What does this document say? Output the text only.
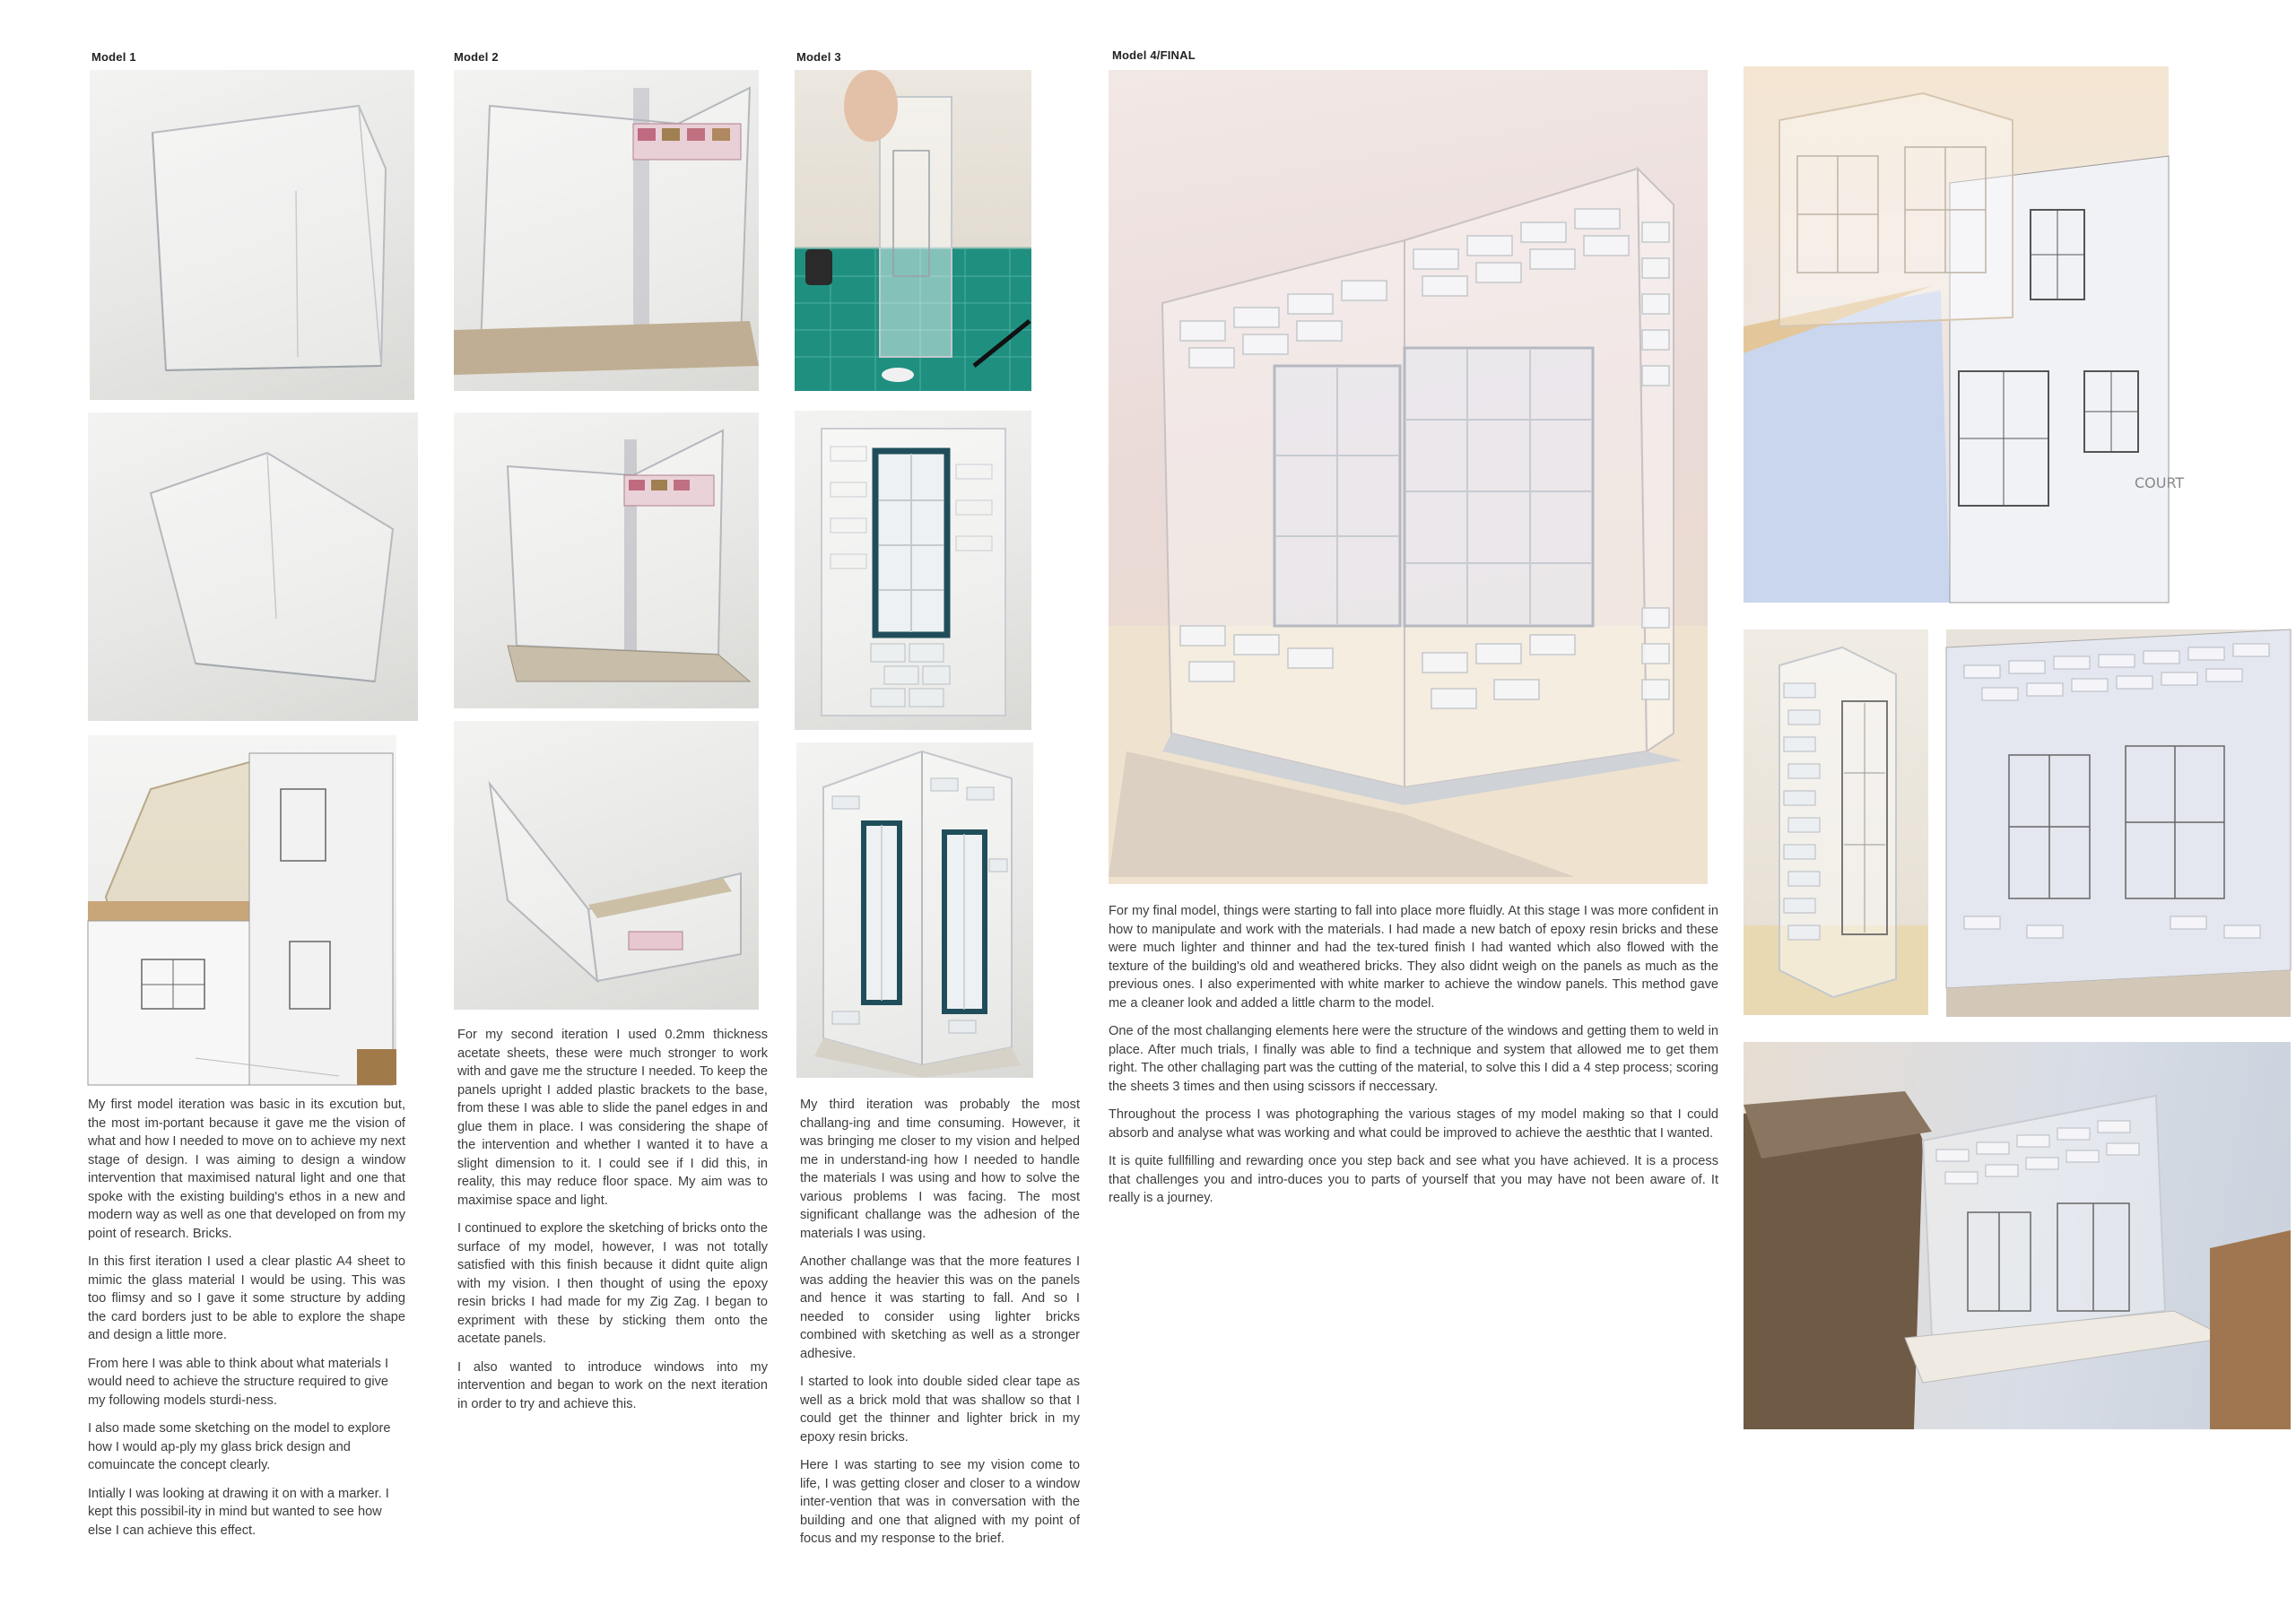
Model 1	Model 2	Model 3	Model 4/FINAL
COURT

My first model iteration was basic in its excution but, the most im-portant because it gave me the vision of what and how I needed to move on to achieve my next stage of design. I was aiming to design a window intervention that maximised natural light and one that spoke with the existing building's ethos in a new and modern way as well as one that developed on from my point of research. Bricks.

In this first iteration I used a clear plastic A4 sheet to mimic the glass material I would be using. This was too flimsy and so I gave it some structure by adding the card borders just to be able to explore the shape and design a little more.

From here I was able to think about what materials I would need to achieve the structure required to give my following models sturdi-ness.

I also made some sketching on the model to explore how I would ap-ply my glass brick design and comuincate the concept clearly.

Intially I was looking at drawing it on with a marker. I kept this possibil-ity in mind but wanted to see how else I can achieve this effect.

For my second iteration I used 0.2mm thickness acetate sheets, these were much stronger to work with and gave me the structure I needed. To keep the panels upright I added plastic brackets to the base, from these I was able to slide the panel edges in and glue them in place. I was considering the shape of the intervention and whether I wanted it to have a slight dimension to it. I could see if I did this, in reality, this may reduce floor space. My aim was to maximise space and light.

I continued to explore the sketching of bricks onto the surface of my model, however, I was not totally satisfied with this finish because it didnt quite align with my vision. I then thought of using the epoxy resin bricks I had made for my Zig Zag. I began to expriment with these by sticking them onto the acetate panels.

I also wanted to introduce windows into my intervention and began to work on the next iteration in order to try and achieve this.

My third iteration was probably the most challang-ing and time consuming. However, it was bringing me closer to my vision and helped me in understand-ing how I needed to handle the materials I was using and how to solve the various problems I was facing. The most significant challange was the adhesion of the materials I was using.

Another challange was that the more features I was adding the heavier this was on the panels and hence it was starting to fall. And so I needed to consider using lighter bricks combined with sketching as well as a stronger adhesive.

I started to look into double sided clear tape as well as a brick mold that was shallow so that I could get the thinner and lighter brick in my epoxy resin bricks.

Here I was starting to see my vision come to life, I was getting closer and closer to a window inter-vention that was in conversation with the building and one that aligned with my point of focus and my response to the brief.

For my final model, things were starting to fall into place more fluidly. At this stage I was more confident in how to manipulate and work with the materials. I had made a new batch of epoxy resin bricks and these were much lighter and thinner and had the tex-tured finish I had wanted which also flowed with the texture of the building's old and weathered bricks. They also didnt weigh on the panels as much as the previous ones. I also experimented with white marker to achieve the window panels. This method gave me a cleaner look and added a little charm to the model.

One of the most challanging elements here were the structure of the windows and getting them to weld in place. After much trials, I finally was able to find a technique and system that allowed me to get them right. The other challaging part was the cutting of the material, to solve this I did a 4 step process; scoring the sheets 3 times and then using scissors if neccessary.

Throughout the process I was photographing the various stages of my model making so that I could absorb and analyse what was working and what could be improved to achieve the aesthtic that I wanted.

It is quite fullfilling and rewarding once you step back and see what you have achieved. It is a process that challenges you and intro-duces you to parts of yourself that you may have not been aware of. It really is a journey.
